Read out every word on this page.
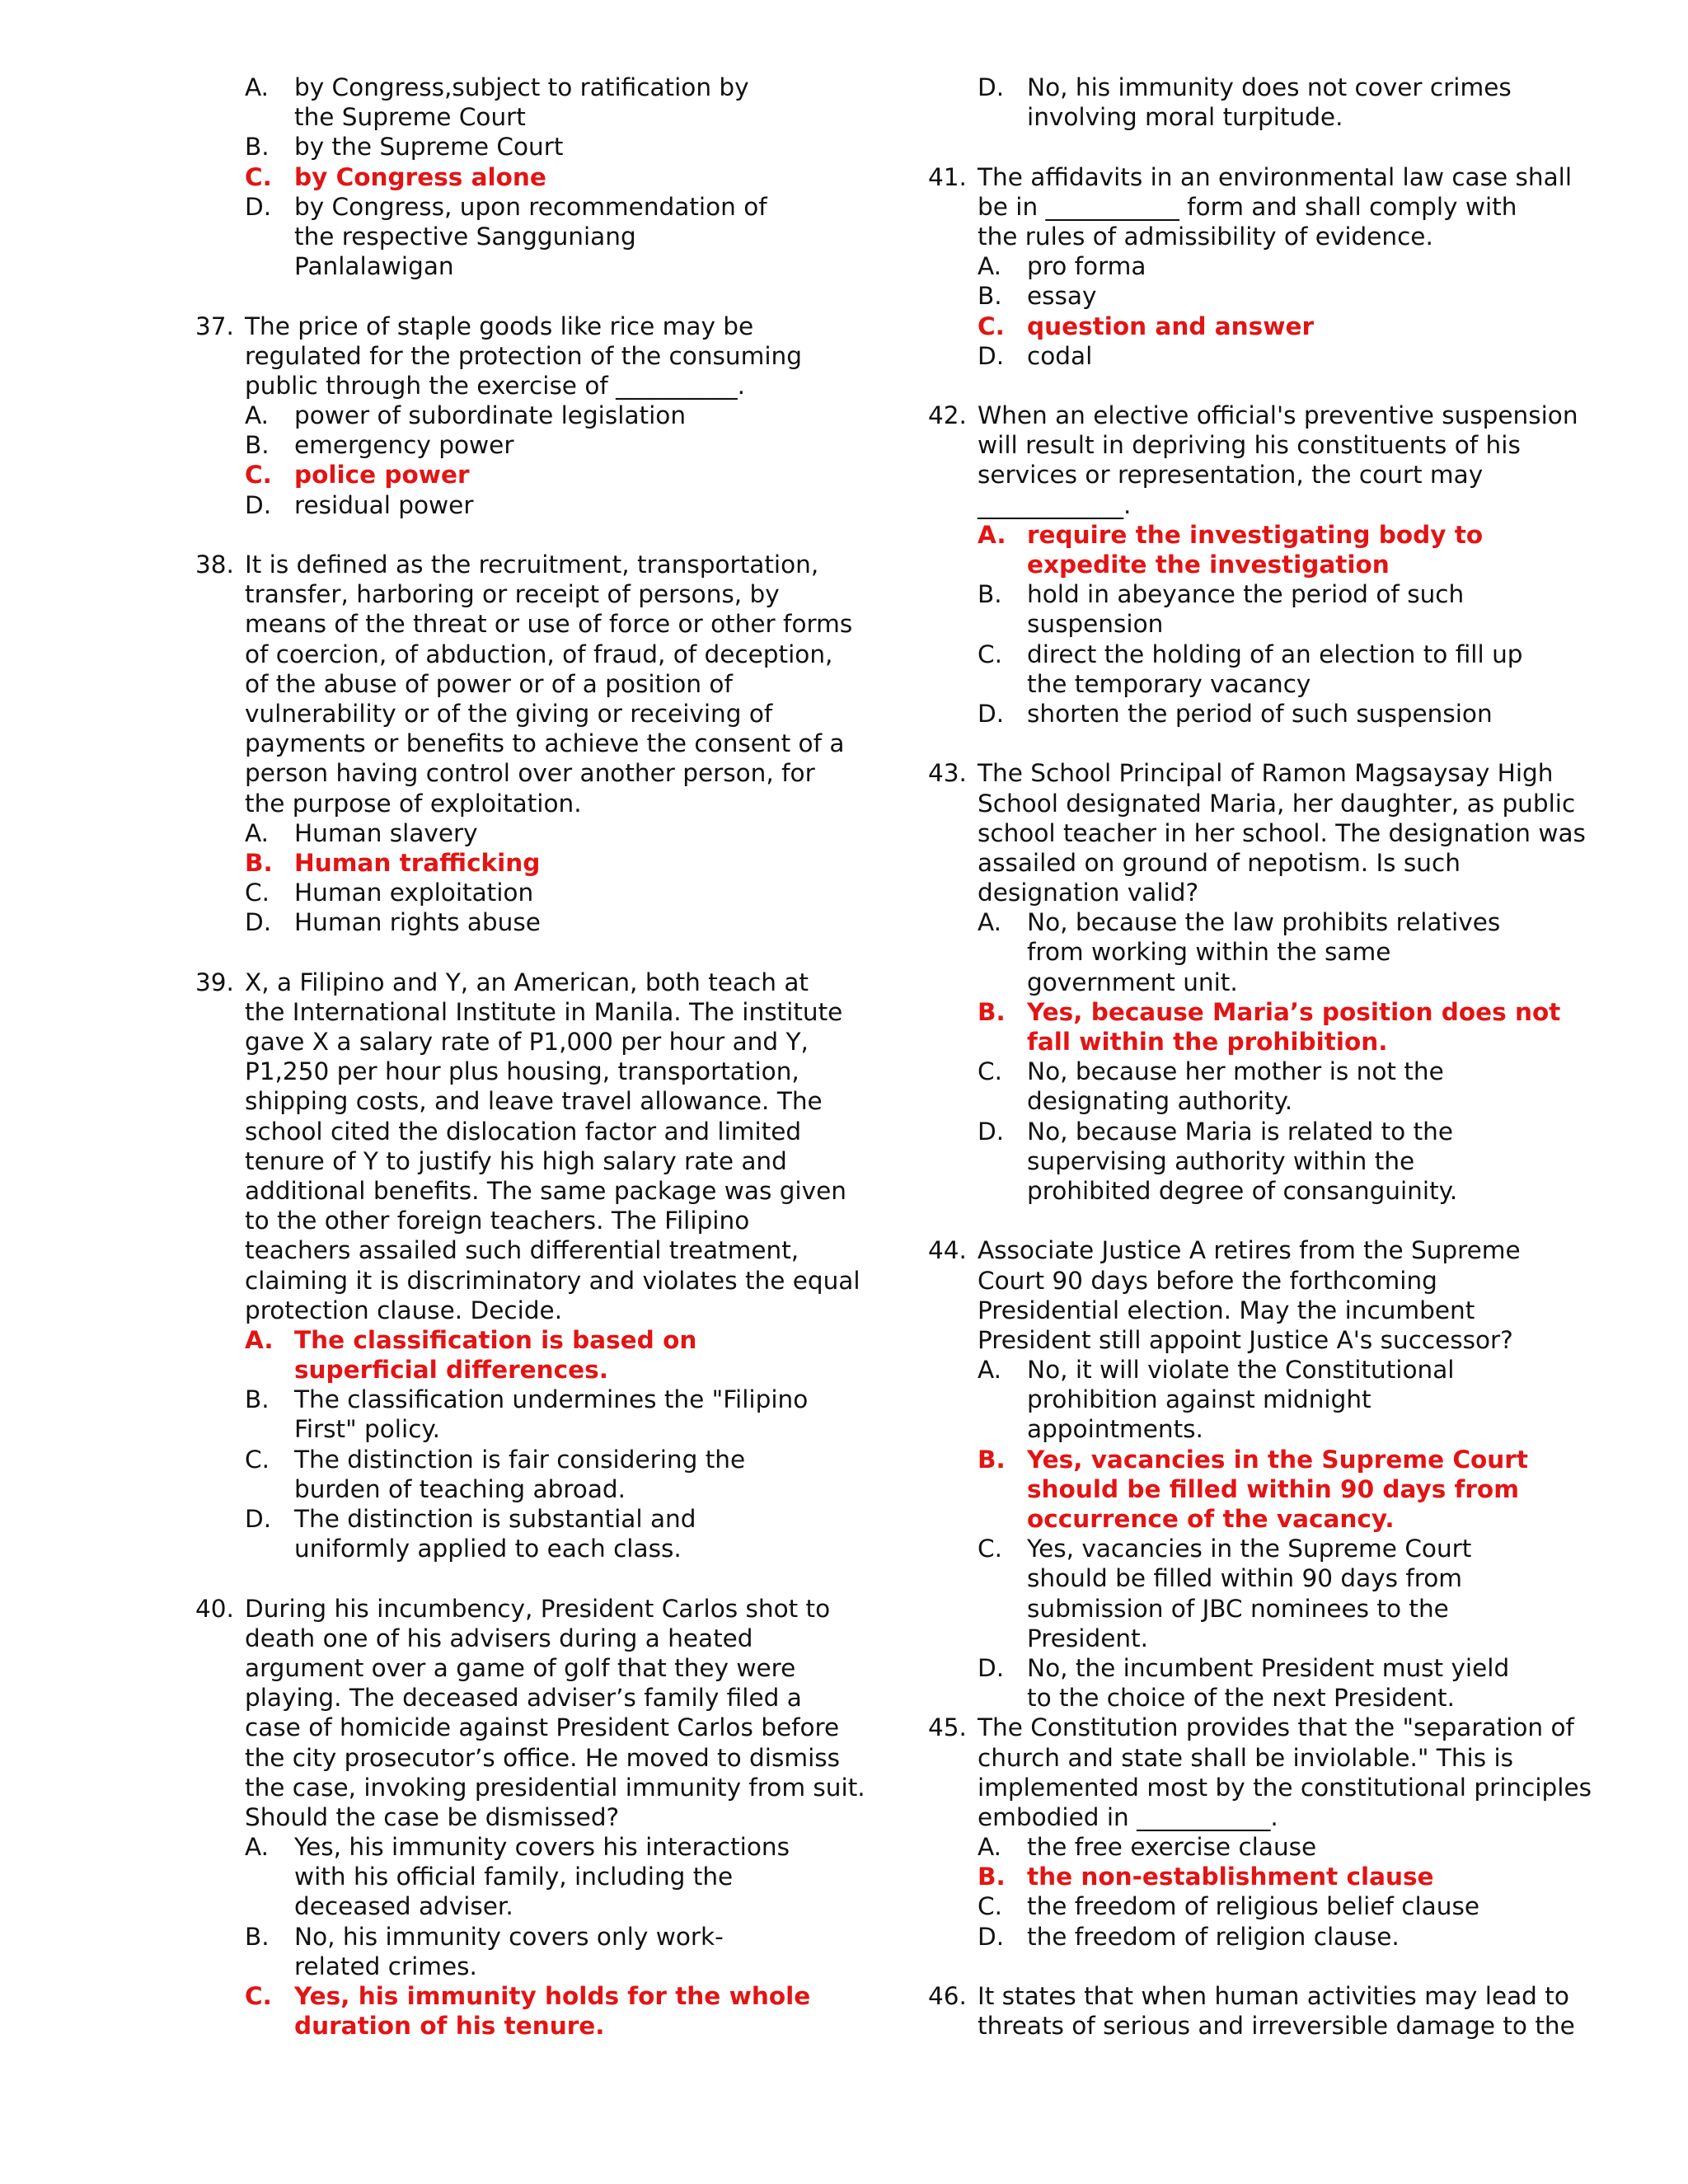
A. by Congress,subject to ratification by
the Supreme Court
B. by the Supreme Court
C. by Congress alone
D. by Congress, upon recommendation of
the respective Sangguniang
Panlalawigan
37. The price of staple goods like rice may be
regulated for the protection of the consuming
public through the exercise of __________.
A. power of subordinate legislation
B. emergency power
C. police power
D. residual power
38. It is defined as the recruitment, transportation,
transfer, harboring or receipt of persons, by
means of the threat or use of force or other forms
of coercion, of abduction, of fraud, of deception,
of the abuse of power or of a position of
vulnerability or of the giving or receiving of
payments or benefits to achieve the consent of a
person having control over another person, for
the purpose of exploitation.
A. Human slavery
B. Human trafficking
C. Human exploitation
D. Human rights abuse
39. X, a Filipino and Y, an American, both teach at
the International Institute in Manila. The institute
gave X a salary rate of P1,000 per hour and Y,
P1,250 per hour plus housing, transportation,
shipping costs, and leave travel allowance. The
school cited the dislocation factor and limited
tenure of Y to justify his high salary rate and
additional benefits. The same package was given
to the other foreign teachers. The Filipino
teachers assailed such differential treatment,
claiming it is discriminatory and violates the equal
protection clause. Decide.
A. The classification is based on
superficial differences.
B. The classification undermines the "Filipino
First" policy.
C. The distinction is fair considering the
burden of teaching abroad.
D. The distinction is substantial and
uniformly applied to each class.
40. During his incumbency, President Carlos shot to
death one of his advisers during a heated
argument over a game of golf that they were
playing. The deceased adviser’s family filed a
case of homicide against President Carlos before
the city prosecutor’s office. He moved to dismiss
the case, invoking presidential immunity from suit.
Should the case be dismissed?
A. Yes, his immunity covers his interactions
with his official family, including the
deceased adviser.
B. No, his immunity covers only work-
related crimes.
C. Yes, his immunity holds for the whole
duration of his tenure.
D. No, his immunity does not cover crimes
involving moral turpitude.
41. The affidavits in an environmental law case shall
be in ___________ form and shall comply with
the rules of admissibility of evidence.
A. pro forma
B. essay
C. question and answer
D. codal
42. When an elective official's preventive suspension
will result in depriving his constituents of his
services or representation, the court may
____________.
A. require the investigating body to
expedite the investigation
B. hold in abeyance the period of such
suspension
C. direct the holding of an election to fill up
the temporary vacancy
D. shorten the period of such suspension
43. The School Principal of Ramon Magsaysay High
School designated Maria, her daughter, as public
school teacher in her school. The designation was
assailed on ground of nepotism. Is such
designation valid?
A. No, because the law prohibits relatives
from working within the same
government unit.
B. Yes, because Maria’s position does not
fall within the prohibition.
C. No, because her mother is not the
designating authority.
D. No, because Maria is related to the
supervising authority within the
prohibited degree of consanguinity.
44. Associate Justice A retires from the Supreme
Court 90 days before the forthcoming
Presidential election. May the incumbent
President still appoint Justice A's successor?
A. No, it will violate the Constitutional
prohibition against midnight
appointments.
B. Yes, vacancies in the Supreme Court
should be filled within 90 days from
occurrence of the vacancy.
C. Yes, vacancies in the Supreme Court
should be filled within 90 days from
submission of JBC nominees to the
President.
D. No, the incumbent President must yield
to the choice of the next President.
45. The Constitution provides that the "separation of
church and state shall be inviolable." This is
implemented most by the constitutional principles
embodied in ___________.
A. the free exercise clause
B. the non-establishment clause
C. the freedom of religious belief clause
D. the freedom of religion clause.
46. It states that when human activities may lead to
threats of serious and irreversible damage to the
